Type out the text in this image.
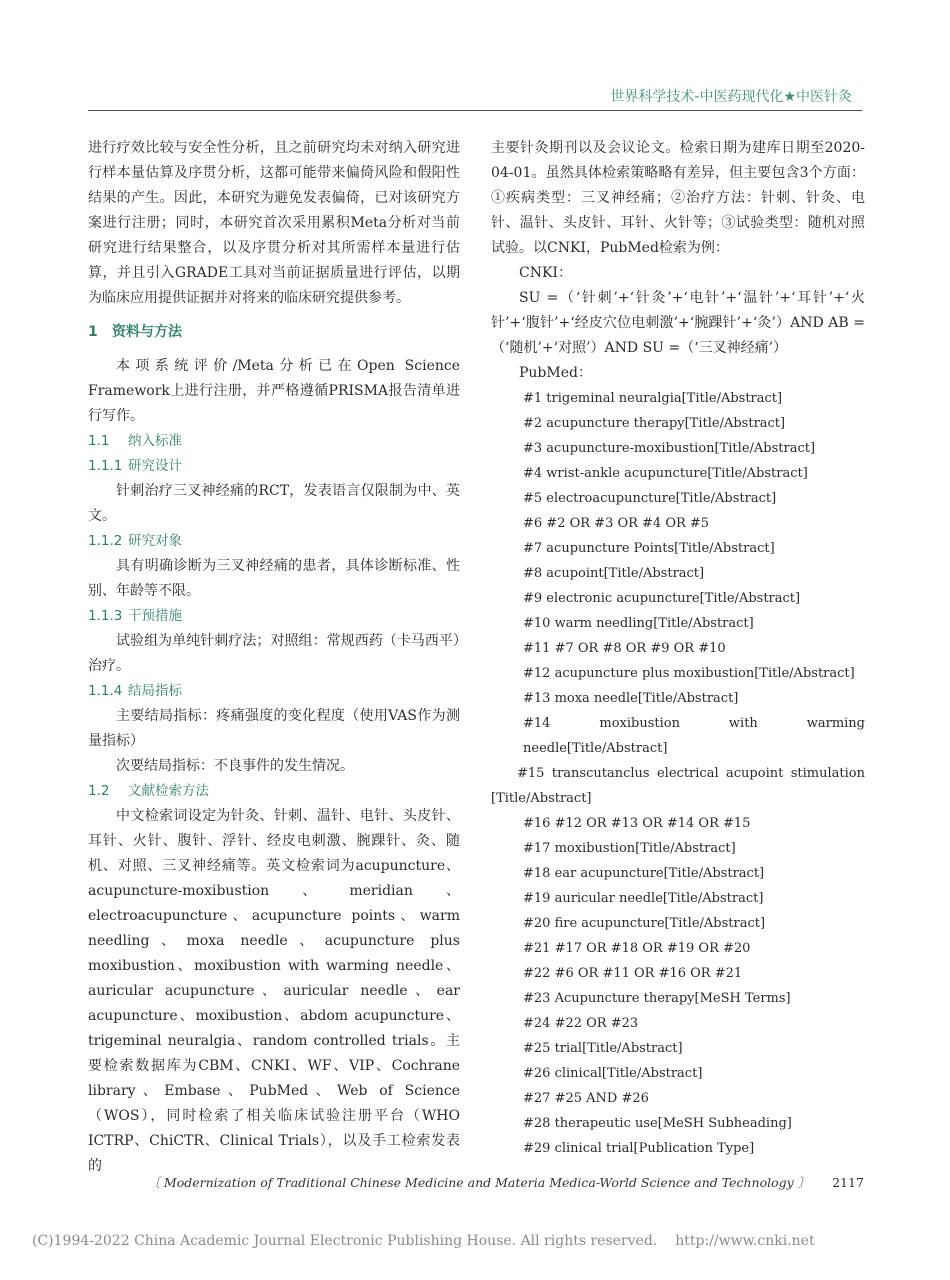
世界科学技术-中医药现代化★中医针灸

进行疗效比较与安全性分析，且之前研究均未对纳入研究进行样本量估算及序贯分析，这都可能带来偏倚风险和假阳性结果的产生。因此，本研究为避免发表偏倚，已对该研究方案进行注册；同时，本研究首次采用累积Meta分析对当前研究进行结果整合，以及序贯分析对其所需样本量进行估算，并且引入GRADE工具对当前证据质量进行评估，以期为临床应用提供证据并对将来的临床研究提供参考。

1 资料与方法

本项系统评价/Meta分析已在Open Science Framework上进行注册，并严格遵循PRISMA报告清单进行写作。

1.1 纳入标准

1.1.1 研究设计

针刺治疗三叉神经痛的RCT，发表语言仅限制为中、英文。

1.1.2 研究对象

具有明确诊断为三叉神经痛的患者，具体诊断标准、性别、年龄等不限。

1.1.3 干预措施

试验组为单纯针刺疗法；对照组：常规西药（卡马西平）治疗。

1.1.4 结局指标

主要结局指标：疼痛强度的变化程度（使用VAS作为测量指标）

次要结局指标：不良事件的发生情况。

1.2 文献检索方法

中文检索词设定为针灸、针刺、温针、电针、头皮针、耳针、火针、腹针、浮针、经皮电刺激、腕踝针、灸、随机、对照、三叉神经痛等。英文检索词为acupuncture、acupuncture-moxibustion、meridian、electroacupuncture、acupuncture points、warm needling、moxa needle、acupuncture plus moxibustion、moxibustion with warming needle、auricular acupuncture、auricular needle、ear acupuncture、moxibustion、abdom acupuncture、trigeminal neuralgia、random controlled trials。主要检索数据库为CBM、CNKI、WF、VIP、Cochrane library、Embase、PubMed、Web of Science（WOS），同时检索了相关临床试验注册平台（WHO ICTRP、ChiCTR、Clinical Trials），以及手工检索发表的

主要针灸期刊以及会议论文。检索日期为建库日期至2020-04-01。虽然具体检索策略略有差异，但主要包含3个方面：①疾病类型：三叉神经痛；②治疗方法：针刺、针灸、电针、温针、头皮针、耳针、火针等；③试验类型：随机对照试验。以CNKI，PubMed检索为例：

CNKI：

SU =（‘针刺’+‘针灸’+‘电针’+‘温针’+‘耳针’+‘火针’+‘腹针’+‘经皮穴位电刺激’+‘腕踝针’+‘灸’）AND AB =（‘随机’+‘对照’）AND SU =（‘三叉神经痛’）

PubMed：

#1 trigeminal neuralgia[Title/Abstract]

#2 acupuncture therapy[Title/Abstract]

#3 acupuncture-moxibustion[Title/Abstract]

#4 wrist-ankle acupuncture[Title/Abstract]

#5 electroacupuncture[Title/Abstract]

#6 #2 OR #3 OR #4 OR #5

#7 acupuncture Points[Title/Abstract]

#8 acupoint[Title/Abstract]

#9 electronic acupuncture[Title/Abstract]

#10 warm needling[Title/Abstract]

#11 #7 OR #8 OR #9 OR #10

#12 acupuncture plus moxibustion[Title/Abstract]

#13 moxa needle[Title/Abstract]

#14 moxibustion with warming needle[Title/Abstract]

#15 transcutanclus electrical acupoint stimulation [Title/Abstract]

#16 #12 OR #13 OR #14 OR #15

#17 moxibustion[Title/Abstract]

#18 ear acupuncture[Title/Abstract]

#19 auricular needle[Title/Abstract]

#20 fire acupuncture[Title/Abstract]

#21 #17 OR #18 OR #19 OR #20

#22 #6 OR #11 OR #16 OR #21

#23 Acupuncture therapy[MeSH Terms]

#24 #22 OR #23

#25 trial[Title/Abstract]

#26 clinical[Title/Abstract]

#27 #25 AND #26

#28 therapeutic use[MeSH Subheading]

#29 clinical trial[Publication Type]

〔 Modernization of Traditional Chinese Medicine and Materia Medica-World Science and Technology 〕 2117
(C)1994-2022 China Academic Journal Electronic Publishing House. All rights reserved. http://www.cnki.net
